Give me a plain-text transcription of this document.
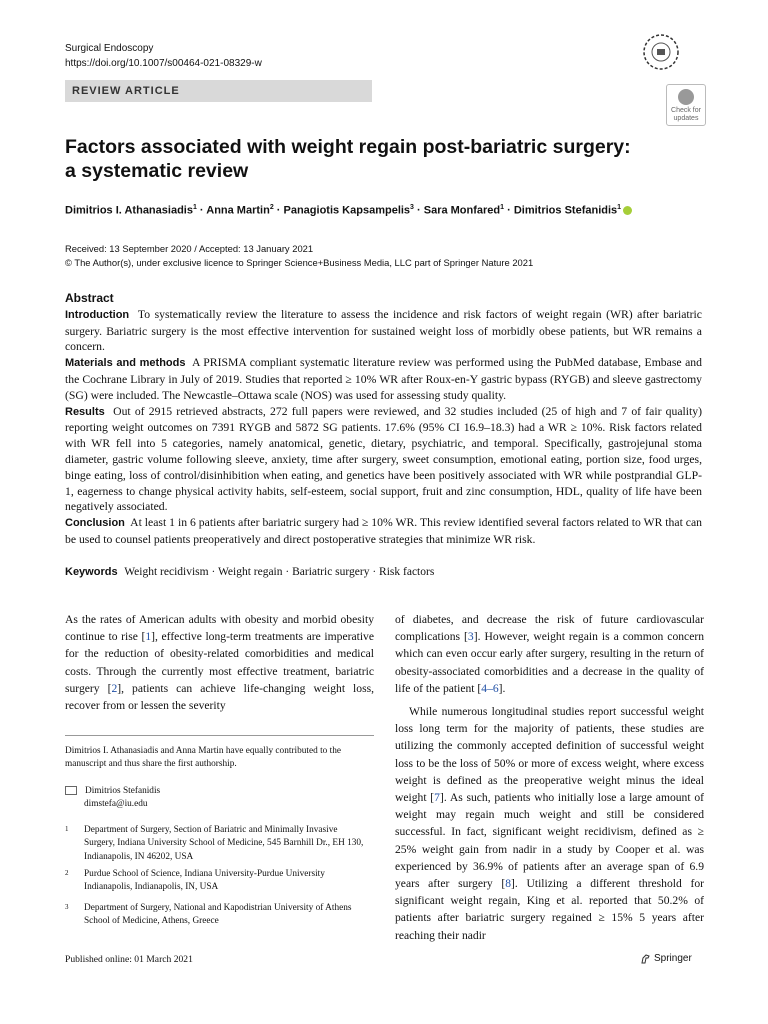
Surgical Endoscopy
https://doi.org/10.1007/s00464-021-08329-w
REVIEW ARTICLE
Check for updates
Factors associated with weight regain post-bariatric surgery:
a systematic review
Dimitrios I. Athanasiadis$^1$ · Anna Martin$^2$ · Panagiotis Kapsampelis$^3$ · Sara Monfared$^1$ · Dimitrios Stefanidis$^1$
Received: 13 September 2020 / Accepted: 13 January 2021
© The Author(s), under exclusive licence to Springer Science+Business Media, LLC part of Springer Nature 2021
Abstract

Introduction To systematically review the literature to assess the incidence and risk factors of weight regain (WR) after bariatric surgery. Bariatric surgery is the most effective intervention for sustained weight loss of morbidly obese patients, but WR remains a concern.

Materials and methods A PRISMA compliant systematic literature review was performed using the PubMed database, Embase and the Cochrane Library in July of 2019. Studies that reported ≥ 10% WR after Roux-en-Y gastric bypass (RYGB) and sleeve gastrectomy (SG) were included. The Newcastle–Ottawa scale (NOS) was used for assessing study quality.

Results Out of 2915 retrieved abstracts, 272 full papers were reviewed, and 32 studies included (25 of high and 7 of fair quality) reporting weight outcomes on 7391 RYGB and 5872 SG patients. 17.6% (95% CI 16.9–18.3) had a WR ≥ 10%. Risk factors related with WR fell into 5 categories, namely anatomical, genetic, dietary, psychiatric, and temporal. Specifically, gastrojejunal stoma diameter, gastric volume following sleeve, anxiety, time after surgery, sweet consumption, emotional eating, portion size, food urges, binge eating, loss of control/disinhibition when eating, and genetics have been positively associated with WR while postprandial GLP-1, eagerness to change physical activity habits, self-esteem, social support, fruit and zinc consumption, HDL, quality of life have been negatively associated.

Conclusion At least 1 in 6 patients after bariatric surgery had ≥ 10% WR. This review identified several factors related to WR that can be used to counsel patients preoperatively and direct postoperative strategies that minimize WR risk.

Keywords Weight recidivism · Weight regain · Bariatric surgery · Risk factors

As the rates of American adults with obesity and morbid obesity continue to rise [1], effective long-term treatments are imperative for the reduction of obesity-related comorbidities and medical costs. Through the currently most effective treatment, bariatric surgery [2], patients can achieve life-changing weight loss, recover from or lessen the severity

Dimitrios I. Athanasiadis and Anna Martin have equally contributed to the manuscript and thus share the first authorship.
Dimitrios Stefanidis
dimstefa@iu.edu
1 Department of Surgery, Section of Bariatric and Minimally Invasive Surgery, Indiana University School of Medicine, 545 Barnhill Dr., EH 130, Indianapolis, IN 46202, USA
2 Purdue School of Science, Indiana University-Purdue University Indianapolis, Indianapolis, IN, USA
3 Department of Surgery, National and Kapodistrian University of Athens School of Medicine, Athens, Greece

of diabetes, and decrease the risk of future cardiovascular complications [3]. However, weight regain is a common concern which can even occur early after surgery, resulting in the return of obesity-associated comorbidities and a decrease in the quality of life of the patient [4–6].

While numerous longitudinal studies report successful weight loss long term for the majority of patients, these studies are utilizing the commonly accepted definition of successful weight loss to be the loss of 50% or more of excess weight, where excess weight is defined as the preoperative weight minus the ideal weight [7]. As such, patients who initially lose a large amount of weight may regain much weight and still be considered successful. In fact, significant weight recidivism, defined as ≥ 25% weight gain from nadir in a study by Cooper et al. was experienced by 36.9% of patients after an average span of 6.9 years after surgery [8]. Utilizing a different threshold for significant weight regain, King et al. reported that 50.2% of patients after bariatric surgery regained ≥ 15% 5 years after reaching their nadir

Published online: 01 March 2021	Springer
